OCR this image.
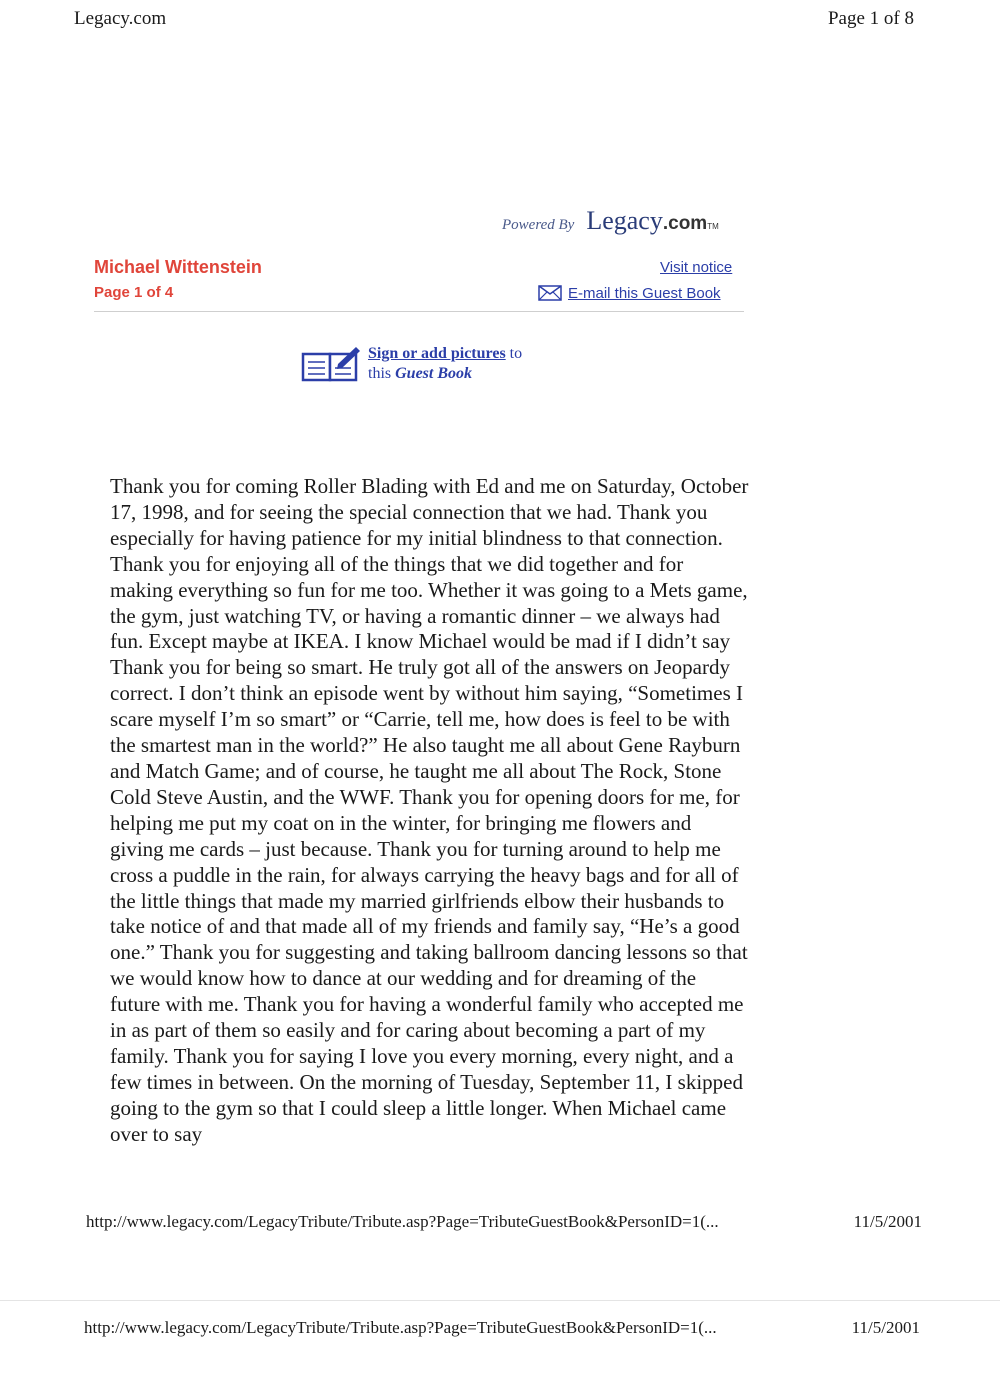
Legacy.com	Page 1 of 8
Powered By Legacy.comTM
Michael Wittenstein
Page 1 of 4
Visit notice
E-mail this Guest Book
Sign or add pictures to
this Guest Book

Thank you for coming Roller Blading with Ed and me on Saturday, October 17, 1998, and for seeing the special connection that we had. Thank you especially for having patience for my initial blindness to that connection. Thank you for enjoying all of the things that we did together and for making everything so fun for me too. Whether it was going to a Mets game, the gym, just watching TV, or having a romantic dinner – we always had fun. Except maybe at IKEA. I know Michael would be mad if I didn’t say Thank you for being so smart. He truly got all of the answers on Jeopardy correct. I don’t think an episode went by without him saying, “Sometimes I scare myself I’m so smart” or “Carrie, tell me, how does is feel to be with the smartest man in the world?” He also taught me all about Gene Rayburn and Match Game; and of course, he taught me all about The Rock, Stone Cold Steve Austin, and the WWF. Thank you for opening doors for me, for helping me put my coat on in the winter, for bringing me flowers and giving me cards – just because. Thank you for turning around to help me cross a puddle in the rain, for always carrying the heavy bags and for all of the little things that made my married girlfriends elbow their husbands to take notice of and that made all of my friends and family say, “He’s a good one.” Thank you for suggesting and taking ballroom dancing lessons so that we would know how to dance at our wedding and for dreaming of the future with me. Thank you for having a wonderful family who accepted me in as part of them so easily and for caring about becoming a part of my family. Thank you for saying I love you every morning, every night, and a few times in between. On the morning of Tuesday, September 11, I skipped going to the gym so that I could sleep a little longer. When Michael came over to say

http://www.legacy.com/LegacyTribute/Tribute.asp?Page=TributeGuestBook&PersonID=1(...	11/5/2001
http://www.legacy.com/LegacyTribute/Tribute.asp?Page=TributeGuestBook&PersonID=1(...	11/5/2001
